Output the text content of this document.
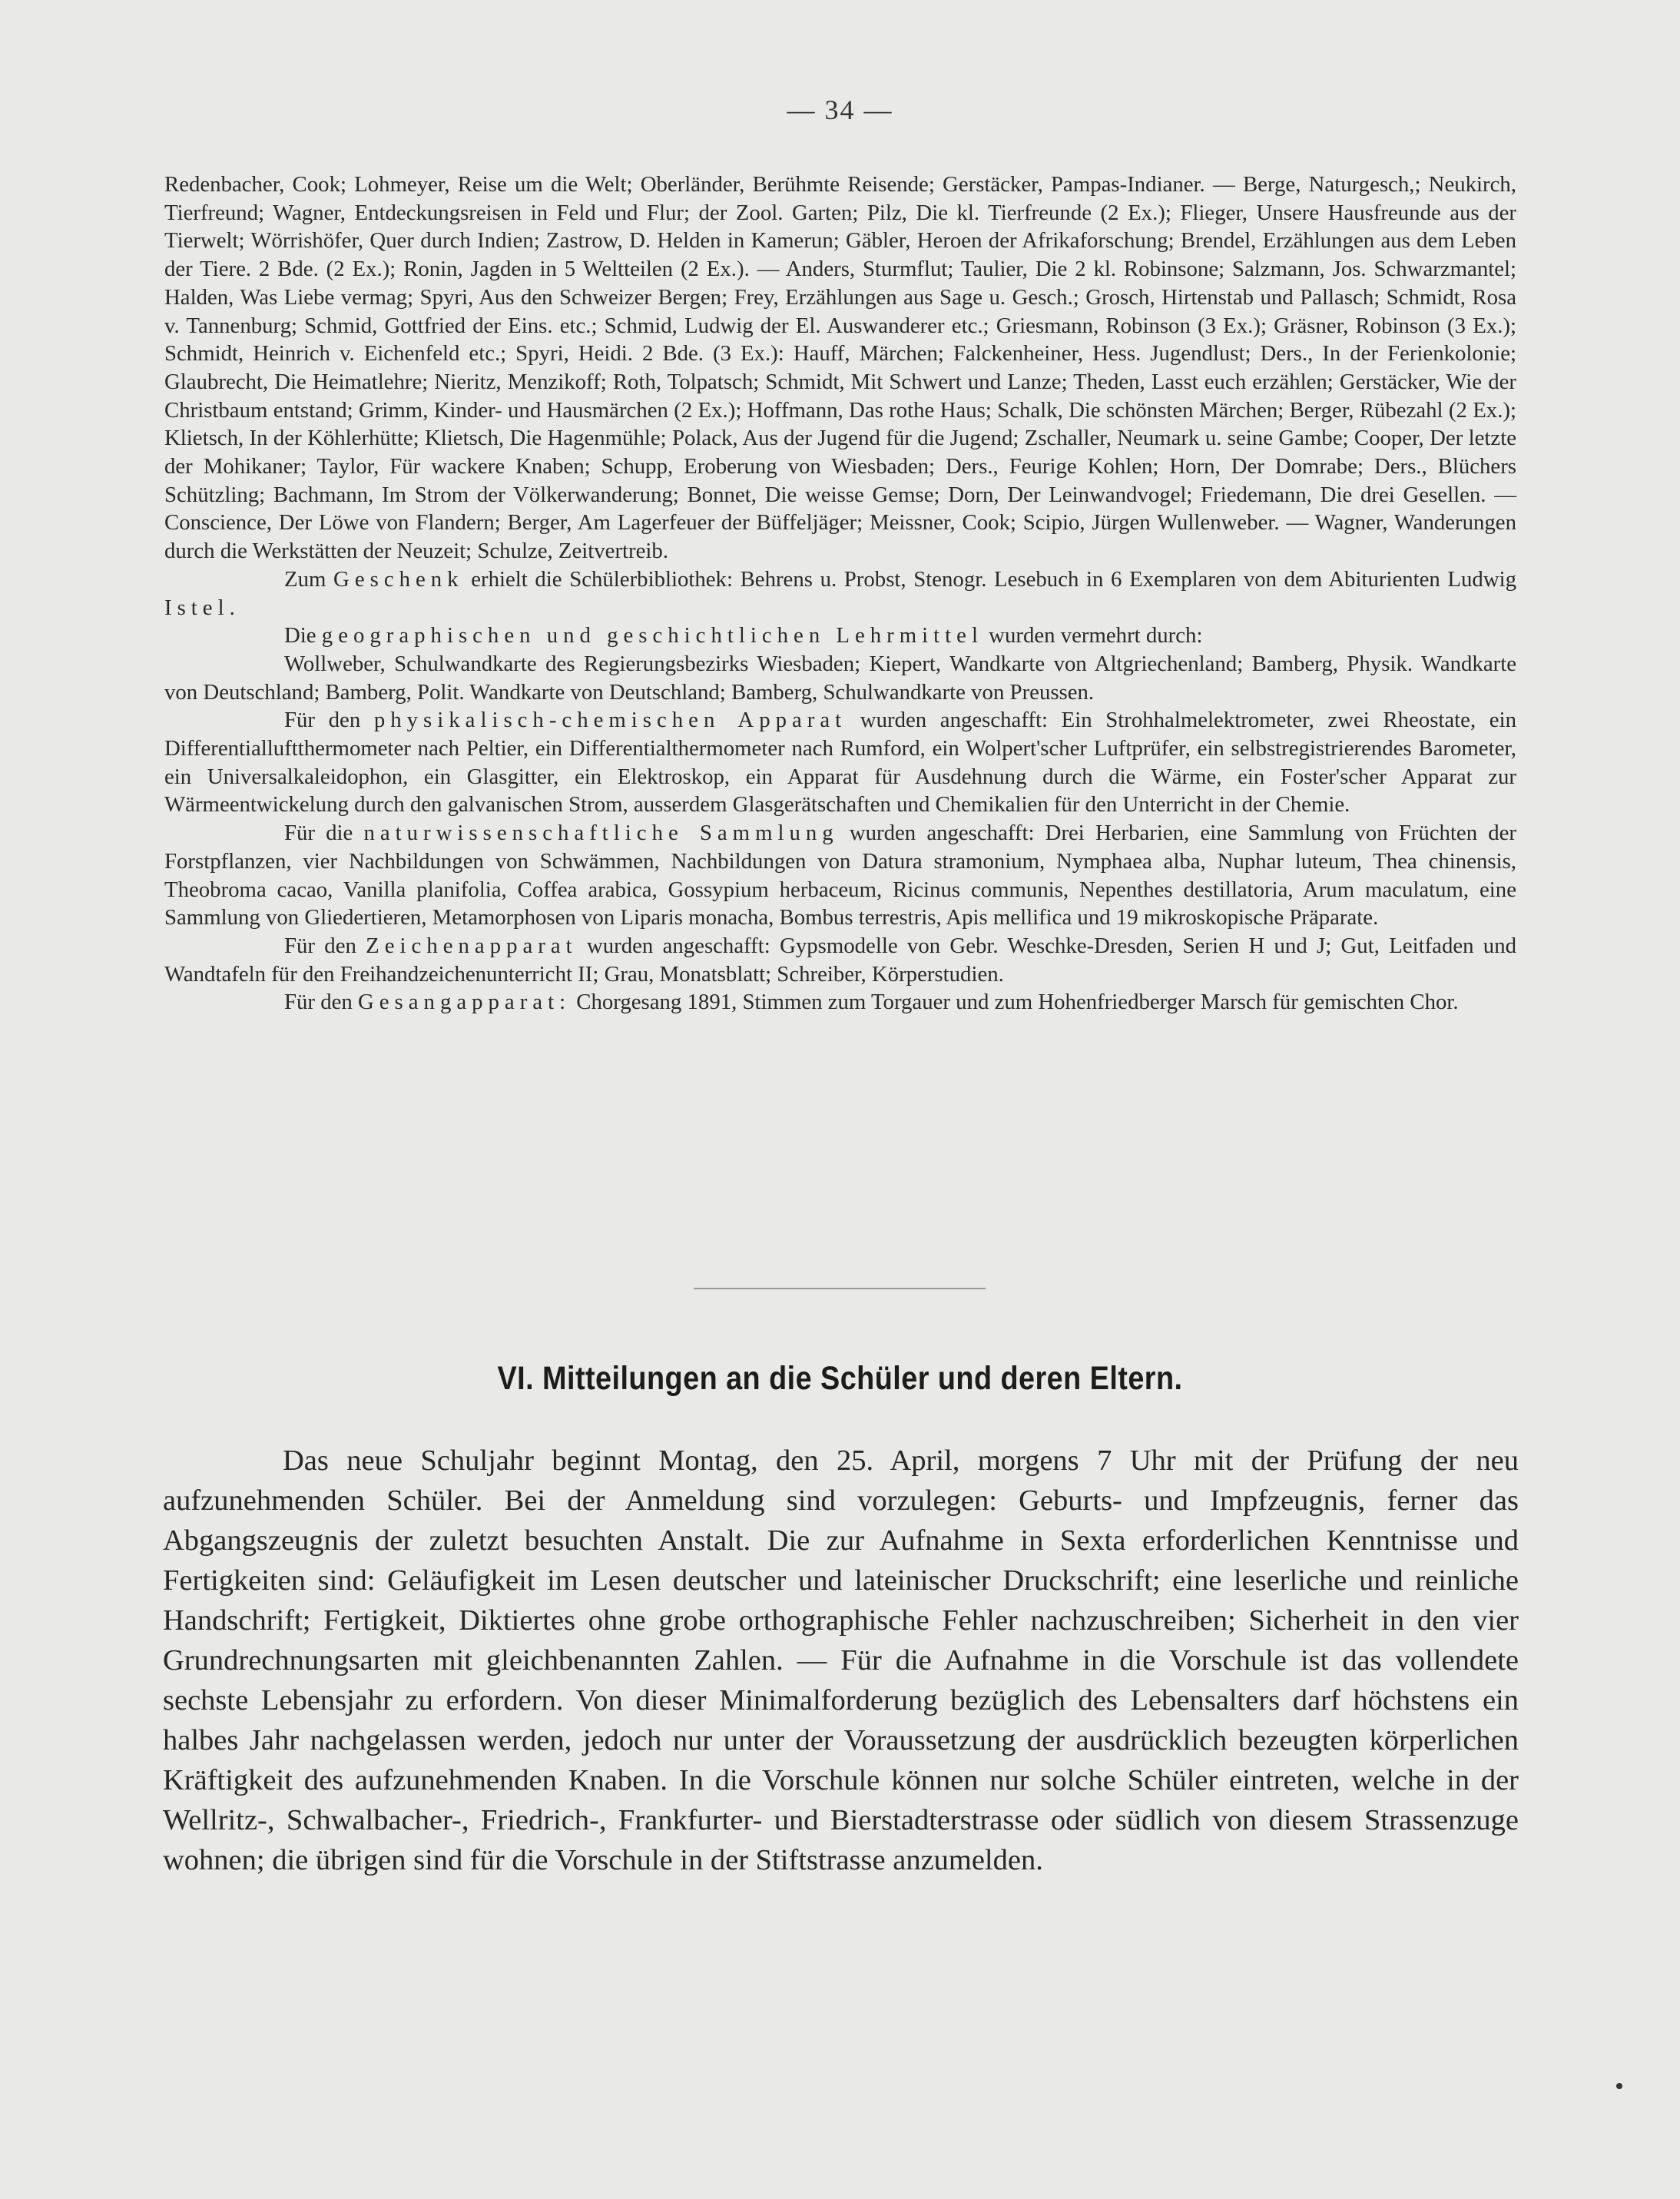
— 34 —

Redenbacher, Cook; Lohmeyer, Reise um die Welt; Oberländer, Berühmte Reisende; Gerstäcker, Pampas-Indianer. — Berge, Naturgesch,; Neukirch, Tierfreund; Wagner, Entdeckungsreisen in Feld und Flur; der Zool. Garten; Pilz, Die kl. Tierfreunde (2 Ex.); Flieger, Unsere Hausfreunde aus der Tierwelt; Wörrishöfer, Quer durch Indien; Zastrow, D. Helden in Kamerun; Gäbler, Heroen der Afrikaforschung; Brendel, Erzählungen aus dem Leben der Tiere. 2 Bde. (2 Ex.); Ronin, Jagden in 5 Weltteilen (2 Ex.). — Anders, Sturmflut; Taulier, Die 2 kl. Robinsone; Salzmann, Jos. Schwarzmantel; Halden, Was Liebe vermag; Spyri, Aus den Schweizer Bergen; Frey, Erzählungen aus Sage u. Gesch.; Grosch, Hirtenstab und Pallasch; Schmidt, Rosa v. Tannenburg; Schmid, Gottfried der Eins. etc.; Schmid, Ludwig der El. Auswanderer etc.; Griesmann, Robinson (3 Ex.); Gräsner, Robinson (3 Ex.); Schmidt, Heinrich v. Eichenfeld etc.; Spyri, Heidi. 2 Bde. (3 Ex.): Hauff, Märchen; Falckenheiner, Hess. Jugendlust; Ders., In der Ferienkolonie; Glaubrecht, Die Heimatlehre; Nieritz, Menzikoff; Roth, Tolpatsch; Schmidt, Mit Schwert und Lanze; Theden, Lasst euch erzählen; Gerstäcker, Wie der Christbaum entstand; Grimm, Kinder- und Hausmärchen (2 Ex.); Hoffmann, Das rothe Haus; Schalk, Die schönsten Märchen; Berger, Rübezahl (2 Ex.); Klietsch, In der Köhlerhütte; Klietsch, Die Hagenmühle; Polack, Aus der Jugend für die Jugend; Zschaller, Neumark u. seine Gambe; Cooper, Der letzte der Mohikaner; Taylor, Für wackere Knaben; Schupp, Eroberung von Wiesbaden; Ders., Feurige Kohlen; Horn, Der Domrabe; Ders., Blüchers Schützling; Bachmann, Im Strom der Völkerwanderung; Bonnet, Die weisse Gemse; Dorn, Der Leinwandvogel; Friedemann, Die drei Gesellen. — Conscience, Der Löwe von Flandern; Berger, Am Lagerfeuer der Büffeljäger; Meissner, Cook; Scipio, Jürgen Wullenweber. — Wagner, Wanderungen durch die Werkstätten der Neuzeit; Schulze, Zeitvertreib.

Zum Geschenk erhielt die Schülerbibliothek: Behrens u. Probst, Stenogr. Lesebuch in 6 Exemplaren von dem Abiturienten Ludwig Istel.

Die geographischen und geschichtlichen Lehrmittel wurden vermehrt durch:

Wollweber, Schulwandkarte des Regierungsbezirks Wiesbaden; Kiepert, Wandkarte von Altgriechenland; Bamberg, Physik. Wandkarte von Deutschland; Bamberg, Polit. Wandkarte von Deutschland; Bamberg, Schulwandkarte von Preussen.

Für den physikalisch-chemischen Apparat wurden angeschafft: Ein Strohhalmelektrometer, zwei Rheostate, ein Differentialluftthermometer nach Peltier, ein Differentialthermometer nach Rumford, ein Wolpert'scher Luftprüfer, ein selbstregistrierendes Barometer, ein Universalkaleidophon, ein Glasgitter, ein Elektroskop, ein Apparat für Ausdehnung durch die Wärme, ein Foster'scher Apparat zur Wärmeentwickelung durch den galvanischen Strom, ausserdem Glasgerätschaften und Chemikalien für den Unterricht in der Chemie.

Für die naturwissenschaftliche Sammlung wurden angeschafft: Drei Herbarien, eine Sammlung von Früchten der Forstpflanzen, vier Nachbildungen von Schwämmen, Nachbildungen von Datura stramonium, Nymphaea alba, Nuphar luteum, Thea chinensis, Theobroma cacao, Vanilla planifolia, Coffea arabica, Gossypium herbaceum, Ricinus communis, Nepenthes destillatoria, Arum maculatum, eine Sammlung von Gliedertieren, Metamorphosen von Liparis monacha, Bombus terrestris, Apis mellifica und 19 mikroskopische Präparate.

Für den Zeichenapparat wurden angeschafft: Gypsmodelle von Gebr. Weschke-Dresden, Serien H und J; Gut, Leitfaden und Wandtafeln für den Freihandzeichenunterricht II; Grau, Monatsblatt; Schreiber, Körperstudien.

Für den Gesangapparat: Chorgesang 1891, Stimmen zum Torgauer und zum Hohenfriedberger Marsch für gemischten Chor.

VI. Mitteilungen an die Schüler und deren Eltern.

Das neue Schuljahr beginnt Montag, den 25. April, morgens 7 Uhr mit der Prüfung der neu aufzunehmenden Schüler. Bei der Anmeldung sind vorzulegen: Geburts- und Impfzeugnis, ferner das Abgangszeugnis der zuletzt besuchten Anstalt. Die zur Aufnahme in Sexta erforderlichen Kenntnisse und Fertigkeiten sind: Geläufigkeit im Lesen deutscher und lateinischer Druckschrift; eine leserliche und reinliche Handschrift; Fertigkeit, Diktiertes ohne grobe orthographische Fehler nachzuschreiben; Sicherheit in den vier Grundrechnungsarten mit gleichbenannten Zahlen. — Für die Aufnahme in die Vorschule ist das vollendete sechste Lebensjahr zu erfordern. Von dieser Minimalforderung bezüglich des Lebensalters darf höchstens ein halbes Jahr nachgelassen werden, jedoch nur unter der Voraussetzung der ausdrücklich bezeugten körperlichen Kräftigkeit des aufzunehmenden Knaben. In die Vorschule können nur solche Schüler eintreten, welche in der Wellritz-, Schwalbacher-, Friedrich-, Frankfurter- und Bierstadterstrasse oder südlich von diesem Strassenzuge wohnen; die übrigen sind für die Vorschule in der Stiftstrasse anzumelden.
